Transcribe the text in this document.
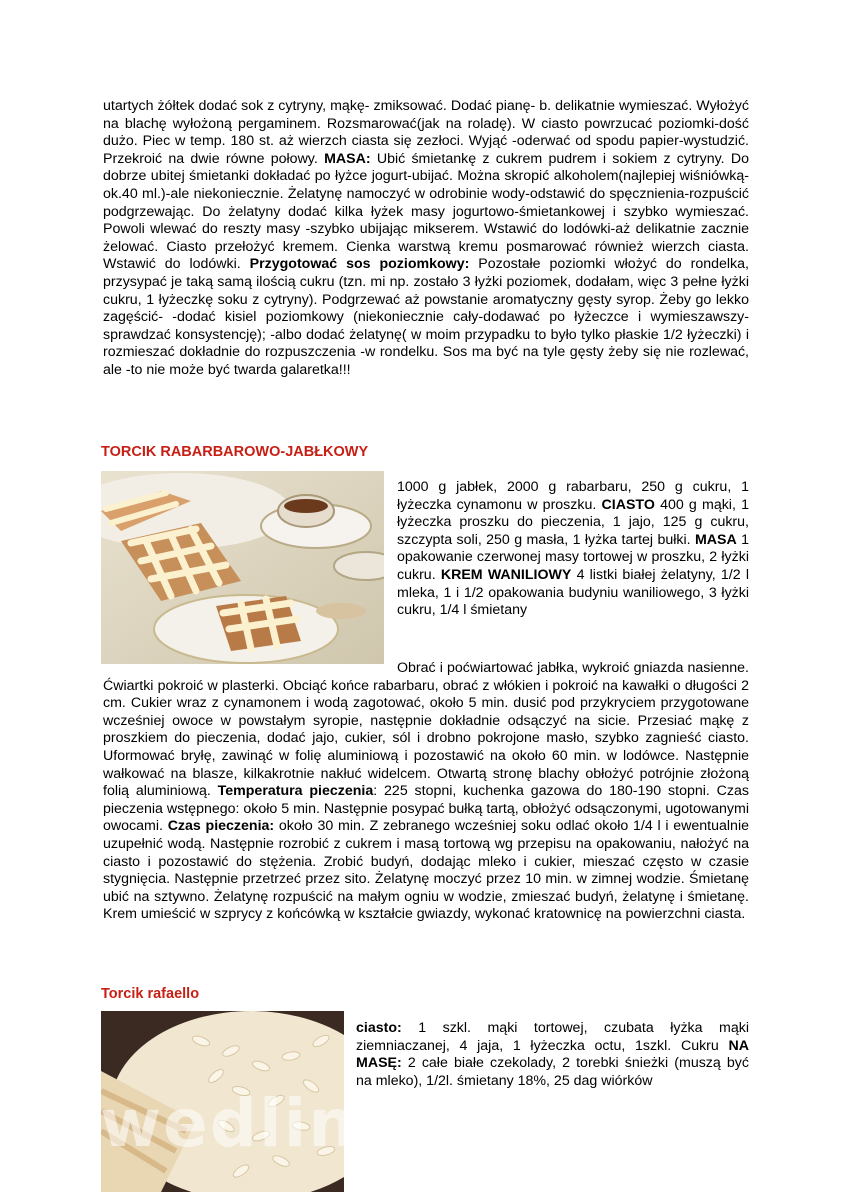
utartych żółtek dodać sok z cytryny, mąkę- zmiksować. Dodać pianę- b. delikatnie wymieszać. Wyłożyć na blachę wyłożoną pergaminem. Rozsmarować(jak na roladę). W ciasto powrzucać poziomki-dość dużo. Piec w temp. 180 st. aż wierzch ciasta się zezłoci. Wyjąć -oderwać od spodu papier-wystudzić. Przekroić na dwie równe połowy. MASA: Ubić śmietankę z cukrem pudrem i sokiem z cytryny. Do dobrze ubitej śmietanki dokładać po łyżce jogurt-ubijać. Można skropić alkoholem(najlepiej wiśniówką-ok.40 ml.)-ale niekoniecznie. Żelatynę namoczyć w odrobinie wody-odstawić do spęcznienia-rozpuścić podgrzewając. Do żelatyny dodać kilka łyżek masy jogurtowo-śmietankowej i szybko wymieszać. Powoli wlewać do reszty masy -szybko ubijając mikserem. Wstawić do lodówki-aż delikatnie zacznie żelować. Ciasto przełożyć kremem. Cienka warstwą kremu posmarować również wierzch ciasta. Wstawić do lodówki. Przygotować sos poziomkowy: Pozostałe poziomki włożyć do rondelka, przysypać je taką samą ilością cukru (tzn. mi np. zostało 3 łyżki poziomek, dodałam, więc 3 pełne łyżki cukru, 1 łyżeczkę soku z cytryny). Podgrzewać aż powstanie aromatyczny gęsty syrop. Żeby go lekko zagęścić- -dodać kisiel poziomkowy (niekoniecznie cały-dodawać po łyżeczce i wymieszawszy-sprawdzać konsystencję); -albo dodać żelatynę( w moim przypadku to było tylko płaskie 1/2 łyżeczki) i rozmieszać dokładnie do rozpuszczenia -w rondelku. Sos ma być na tyle gęsty żeby się nie rozlewać, ale -to nie może być twarda galaretka!!!

TORCIK RABARBAROWO-JABŁKOWY

1000 g jabłek, 2000 g rabarbaru, 250 g cukru, 1 łyżeczka cynamonu w proszku. CIASTO 400 g mąki, 1 łyżeczka proszku do pieczenia, 1 jajo, 125 g cukru, szczypta soli, 250 g masła, 1 łyżka tartej bułki. MASA 1 opakowanie czerwonej masy tortowej w proszku, 2 łyżki cukru. KREM WANILIOWY 4 listki białej żelatyny, 1/2 l mleka, 1 i 1/2 opakowania budyniu waniliowego, 3 łyżki cukru, 1/4 l śmietany

Obrać i poćwiartować jabłka, wykroić gniazda nasienne. Ćwiartki pokroić w plasterki. Obciąć końce rabarbaru, obrać z włókien i pokroić na kawałki o długości 2 cm. Cukier wraz z cynamonem i wodą zagotować, około 5 min. dusić pod przykryciem przygotowane wcześniej owoce w powstałym syropie, następnie dokładnie odsączyć na sicie. Przesiać mąkę z proszkiem do pieczenia, dodać jajo, cukier, sól i drobno pokrojone masło, szybko zagnieść ciasto. Uformować bryłę, zawinąć w folię aluminiową i pozostawić na około 60 min. w lodówce. Następnie wałkować na blasze, kilkakrotnie nakłuć widelcem. Otwartą stronę blachy obłożyć potrójnie złożoną folią aluminiową. Temperatura pieczenia: 225 stopni, kuchenka gazowa do 180-190 stopni. Czas pieczenia wstępnego: około 5 min. Następnie posypać bułką tartą, obłożyć odsączonymi, ugotowanymi owocami. Czas pieczenia: około 30 min. Z zebranego wcześniej soku odlać około 1/4 l i ewentualnie uzupełnić wodą. Następnie rozrobić z cukrem i masą tortową wg przepisu na opakowaniu, nałożyć na ciasto i pozostawić do stężenia. Zrobić budyń, dodając mleko i cukier, mieszać często w czasie stygnięcia. Następnie przetrzeć przez sito. Żelatynę moczyć przez 10 min. w zimnej wodzie. Śmietanę ubić na sztywno. Żelatynę rozpuścić na małym ogniu w wodzie, zmieszać budyń, żelatynę i śmietanę. Krem umieścić w szprycy z końcówką w kształcie gwiazdy, wykonać kratownicę na powierzchni ciasta.

Torcik rafaello

ciasto: 1 szkl. mąki tortowej, czubata łyżka mąki ziemniaczanej, 4 jaja, 1 łyżeczka octu, 1szkl. Cukru NA MASĘ: 2 całe białe czekolady, 2 torebki śnieżki (muszą być na mleko), 1/2l. śmietany 18%, 25 dag wiórków

wedlinydomowe.pl
